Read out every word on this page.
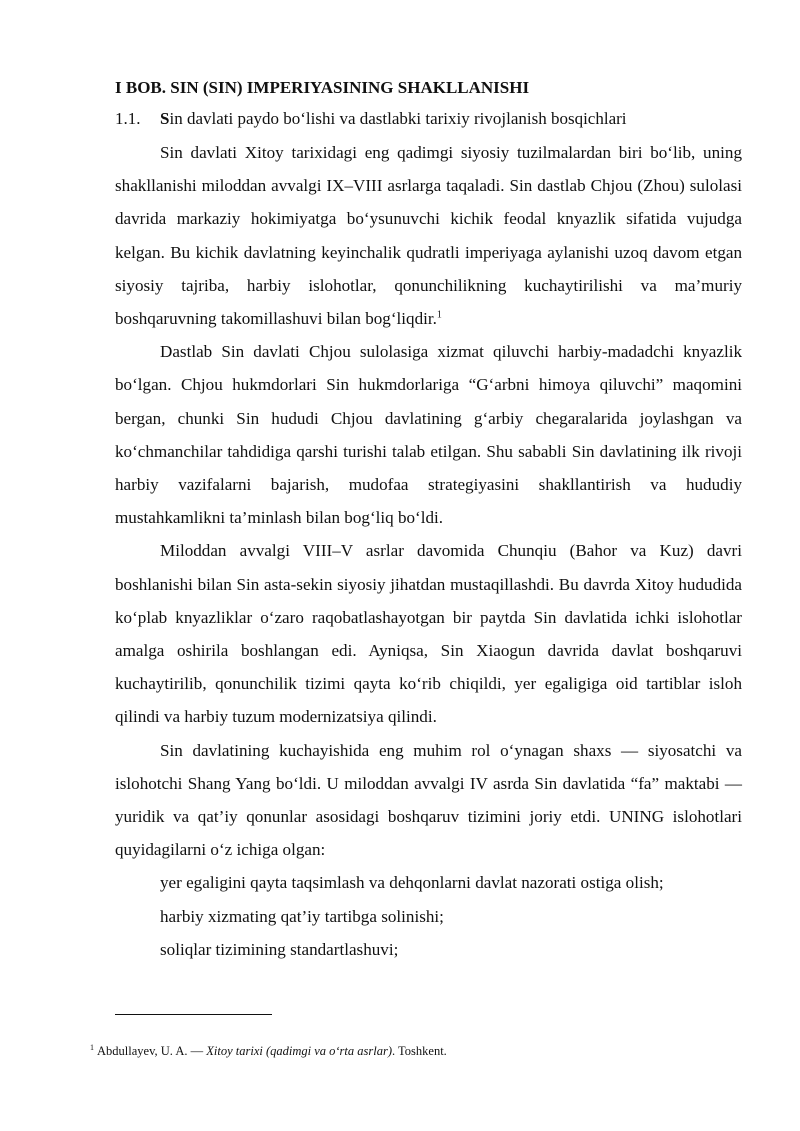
I BOB. SIN (SIN) IMPERIYASINING SHAKLLANISHI
1.1.	Sin davlati paydo bo‘lishi va dastlabki tarixiy rivojlanish bosqichlari

Sin davlati Xitoy tarixidagi eng qadimgi siyosiy tuzilmalardan biri bo‘lib, uning shakllanishi miloddan avvalgi IX–VIII asrlarga taqaladi. Sin dastlab Chjou (Zhou) sulolasi davrida markaziy hokimiyatga bo‘ysunuvchi kichik feodal knyazlik sifatida vujudga kelgan. Bu kichik davlatning keyinchalik qudratli imperiyaga aylanishi uzoq davom etgan siyosiy tajriba, harbiy islohotlar, qonunchilikning kuchaytirilishi va ma’muriy boshqaruvning takomillashuvi bilan bog‘liqdir.$^1$

Dastlab Sin davlati Chjou sulolasiga xizmat qiluvchi harbiy-madadchi knyazlik bo‘lgan. Chjou hukmdorlari Sin hukmdorlariga “G‘arbni himoya qiluvchi” maqomini bergan, chunki Sin hududi Chjou davlatining g‘arbiy chegaralarida joylashgan va ko‘chmanchilar tahdidiga qarshi turishi talab etilgan. Shu sababli Sin davlatining ilk rivoji harbiy vazifalarni bajarish, mudofaa strategiyasini shakllantirish va hududiy mustahkamlikni ta’minlash bilan bog‘liq bo‘ldi.

Miloddan avvalgi VIII–V asrlar davomida Chunqiu (Bahor va Kuz) davri boshlanishi bilan Sin asta-sekin siyosiy jihatdan mustaqillashdi. Bu davrda Xitoy hududida ko‘plab knyazliklar o‘zaro raqobatlashayotgan bir paytda Sin davlatida ichki islohotlar amalga oshirila boshlangan edi. Ayniqsa, Sin Xiaogun davrida davlat boshqaruvi kuchaytirilib, qonunchilik tizimi qayta ko‘rib chiqildi, yer egaligiga oid tartiblar isloh qilindi va harbiy tuzum modernizatsiya qilindi.

Sin davlatining kuchayishida eng muhim rol o‘ynagan shaxs — siyosatchi va islohotchi Shang Yang bo‘ldi. U miloddan avvalgi IV asrda Sin davlatida “fa” maktabi — yuridik va qat’iy qonunlar asosidagi boshqaruv tizimini joriy etdi. UNING islohotlari quyidagilarni o‘z ichiga olgan:

yer egaligini qayta taqsimlash va dehqonlarni davlat nazorati ostiga olish;

harbiy xizmating qat’iy tartibga solinishi;

soliqlar tizimining standartlashuvi;

$^1$ Abdullayev, U. A. — Xitoy tarixi (qadimgi va o‘rta asrlar). Toshkent.
